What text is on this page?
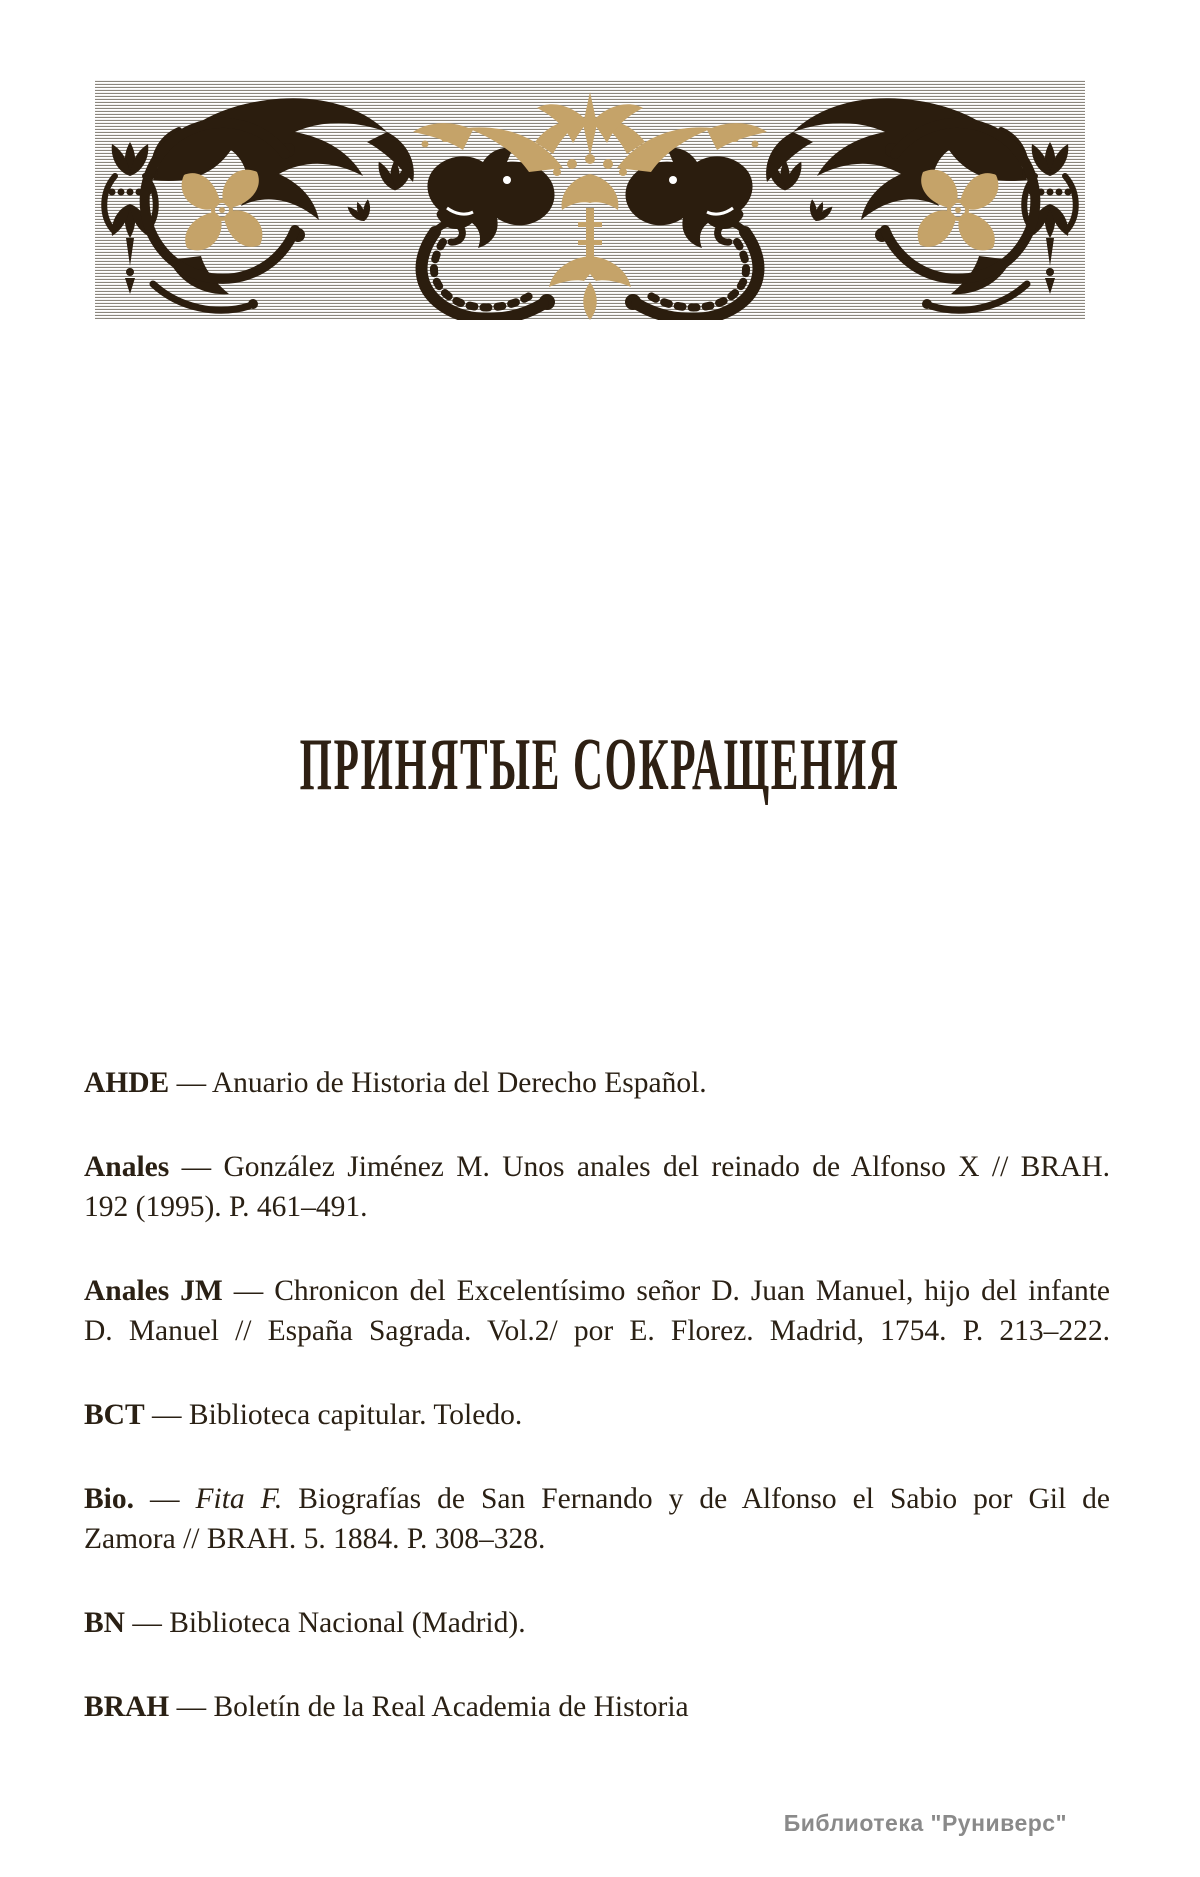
ПРИНЯТЫЕ СОКРАЩЕНИЯ
AHDE — Anuario de Historia del Derecho Español.
Anales — González Jiménez M. Unos anales del reinado de Alfonso X // BRAH.
192 (1995). P. 461–491.
Anales JM — Chronicon del Excelentísimo señor D. Juan Manuel, hijo del infante
D. Manuel // España Sagrada. Vol.2/ por E. Florez. Madrid, 1754. P. 213–222.
BCT — Biblioteca capitular. Toledo.
Bio. — Fita F. Biografías de San Fernando y de Alfonso el Sabio por Gil de
Zamora // BRAH. 5. 1884. P. 308–328.
BN — Biblioteca Nacional (Madrid).
BRAH — Boletín de la Real Academia de Historia
Библиотека "Руниверс"
